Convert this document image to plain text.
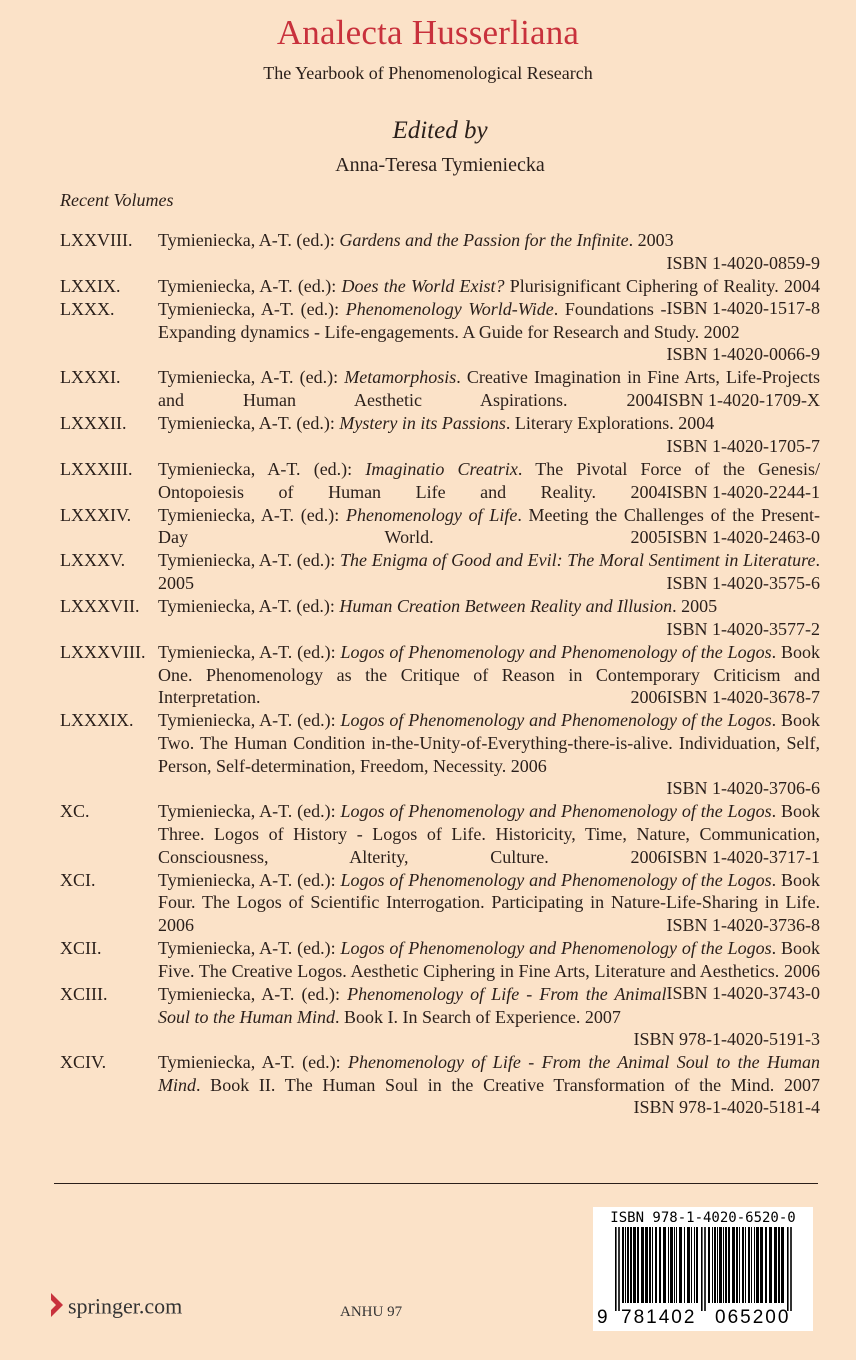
Analecta Husserliana
The Yearbook of Phenomenological Research
Edited by
Anna-Teresa Tymieniecka
Recent Volumes
LXXVIII.	Tymieniecka, A-T. (ed.): Gardens and the Passion for the Infinite. 2003
ISBN 1-4020-0859-9
LXXIX.	Tymieniecka, A-T. (ed.): Does the World Exist? Plurisignificant Ciphering of Reality. 2004
ISBN 1-4020-1517-8
LXXX.	Tymieniecka, A-T. (ed.): Phenomenology World-Wide. Foundations - Expanding dynamics - Life-engagements. A Guide for Research and Study. 2002
ISBN 1-4020-0066-9
LXXXI.	Tymieniecka, A-T. (ed.): Metamorphosis. Creative Imagination in Fine Arts, Life-Projects and Human Aesthetic Aspirations. 2004 ISBN 1-4020-1709-X
LXXXII.	Tymieniecka, A-T. (ed.): Mystery in its Passions. Literary Explorations. 2004
ISBN 1-4020-1705-7
LXXXIII.	Tymieniecka, A-T. (ed.): Imaginatio Creatrix. The Pivotal Force of the Genesis/ Ontopoiesis of Human Life and Reality. 2004 ISBN 1-4020-2244-1
LXXXIV.	Tymieniecka, A-T. (ed.): Phenomenology of Life. Meeting the Challenges of the Present-Day World. 2005 ISBN 1-4020-2463-0
LXXXV.	Tymieniecka, A-T. (ed.): The Enigma of Good and Evil: The Moral Sentiment in Literature. 2005	ISBN 1-4020-3575-6
LXXXVII.	Tymieniecka, A-T. (ed.): Human Creation Between Reality and Illusion. 2005
ISBN 1-4020-3577-2
LXXXVIII. Tymieniecka, A-T. (ed.): Logos of Phenomenology and Phenomenology of the Logos. Book One. Phenomenology as the Critique of Reason in Contemporary Criticism and Interpretation. 2006 ISBN 1-4020-3678-7
LXXXIX.	Tymieniecka, A-T. (ed.): Logos of Phenomenology and Phenomenology of the Logos. Book Two. The Human Condition in-the-Unity-of-Everything-there-is-alive. Individuation, Self, Person, Self-determination, Freedom, Necessity. 2006
ISBN 1-4020-3706-6
XC.	Tymieniecka, A-T. (ed.): Logos of Phenomenology and Phenomenology of the Logos. Book Three. Logos of History - Logos of Life. Historicity, Time, Nature, Communication, Consciousness, Alterity, Culture. 2006 ISBN 1-4020-3717-1
XCI.	Tymieniecka, A-T. (ed.): Logos of Phenomenology and Phenomenology of the Logos. Book Four. The Logos of Scientific Interrogation. Participating in Nature-Life-Sharing in Life. 2006	ISBN 1-4020-3736-8
XCII.	Tymieniecka, A-T. (ed.): Logos of Phenomenology and Phenomenology of the Logos. Book Five. The Creative Logos. Aesthetic Ciphering in Fine Arts, Literature and Aesthetics. 2006
ISBN 1-4020-3743-0
XCIII.	Tymieniecka, A-T. (ed.): Phenomenology of Life - From the Animal Soul to the Human Mind. Book I. In Search of Experience. 2007
ISBN 978-1-4020-5191-3
XCIV.	Tymieniecka, A-T. (ed.): Phenomenology of Life - From the Animal Soul to the Human Mind. Book II. The Human Soul in the Creative Transformation of the Mind. 2007
ISBN 978-1-4020-5181-4
ISBN 978-1-4020-6520-0
9 781402 065200
springer.com	ANHU 97
